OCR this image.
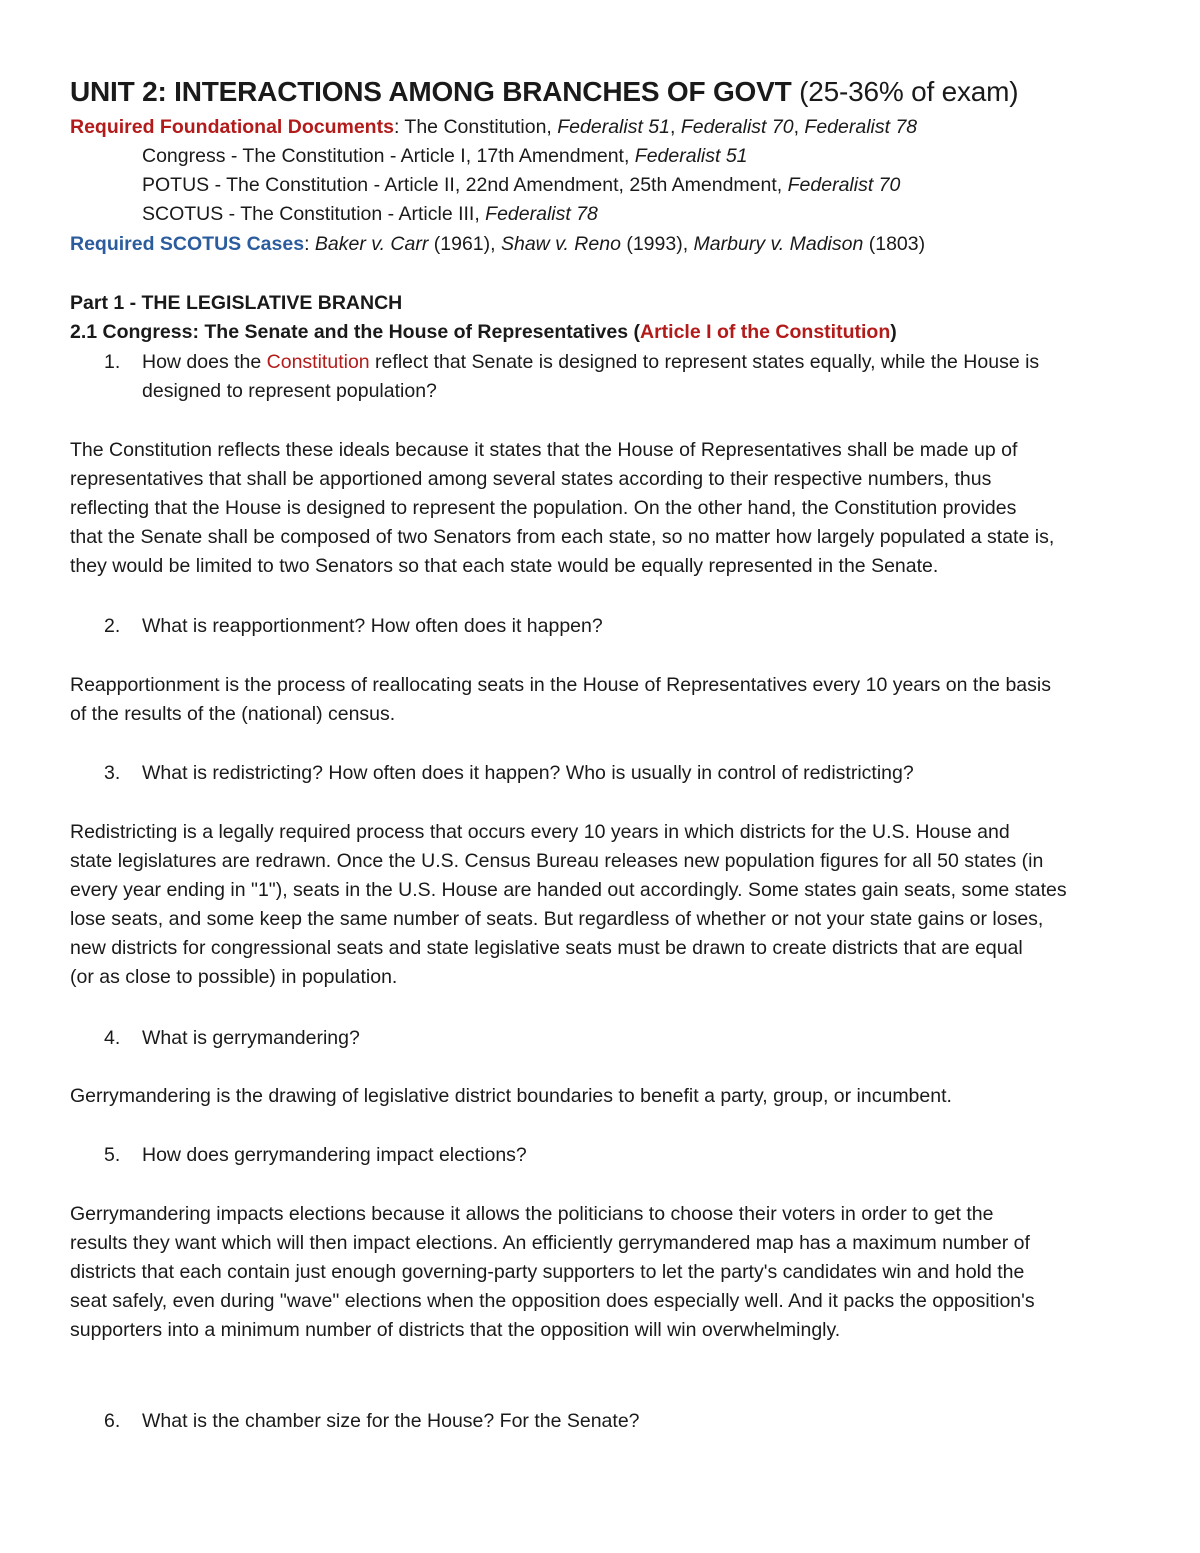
UNIT 2: INTERACTIONS AMONG BRANCHES OF GOVT (25-36% of exam)
Required Foundational Documents: The Constitution, Federalist 51, Federalist 70, Federalist 78
Congress - The Constitution - Article I, 17th Amendment, Federalist 51
POTUS - The Constitution - Article II, 22nd Amendment, 25th Amendment, Federalist 70
SCOTUS - The Constitution - Article III, Federalist 78
Required SCOTUS Cases: Baker v. Carr (1961), Shaw v. Reno (1993), Marbury v. Madison (1803)
Part 1 - THE LEGISLATIVE BRANCH
2.1 Congress: The Senate and the House of Representatives (Article I of the Constitution)
1. How does the Constitution reflect that Senate is designed to represent states equally, while the House is
designed to represent population?
The Constitution reflects these ideals because it states that the House of Representatives shall be made up of
representatives that shall be apportioned among several states according to their respective numbers, thus
reflecting that the House is designed to represent the population. On the other hand, the Constitution provides
that the Senate shall be composed of two Senators from each state, so no matter how largely populated a state is,
they would be limited to two Senators so that each state would be equally represented in the Senate.
2. What is reapportionment? How often does it happen?
Reapportionment is the process of reallocating seats in the House of Representatives every 10 years on the basis
of the results of the (national) census.
3. What is redistricting? How often does it happen? Who is usually in control of redistricting?
Redistricting is a legally required process that occurs every 10 years in which districts for the U.S. House and
state legislatures are redrawn. Once the U.S. Census Bureau releases new population figures for all 50 states (in
every year ending in "1"), seats in the U.S. House are handed out accordingly. Some states gain seats, some states
lose seats, and some keep the same number of seats. But regardless of whether or not your state gains or loses,
new districts for congressional seats and state legislative seats must be drawn to create districts that are equal
(or as close to possible) in population.
4. What is gerrymandering?
Gerrymandering is the drawing of legislative district boundaries to benefit a party, group, or incumbent.
5. How does gerrymandering impact elections?
Gerrymandering impacts elections because it allows the politicians to choose their voters in order to get the
results they want which will then impact elections. An efficiently gerrymandered map has a maximum number of
districts that each contain just enough governing-party supporters to let the party's candidates win and hold the
seat safely, even during "wave" elections when the opposition does especially well. And it packs the opposition's
supporters into a minimum number of districts that the opposition will win overwhelmingly.
6. What is the chamber size for the House? For the Senate?
